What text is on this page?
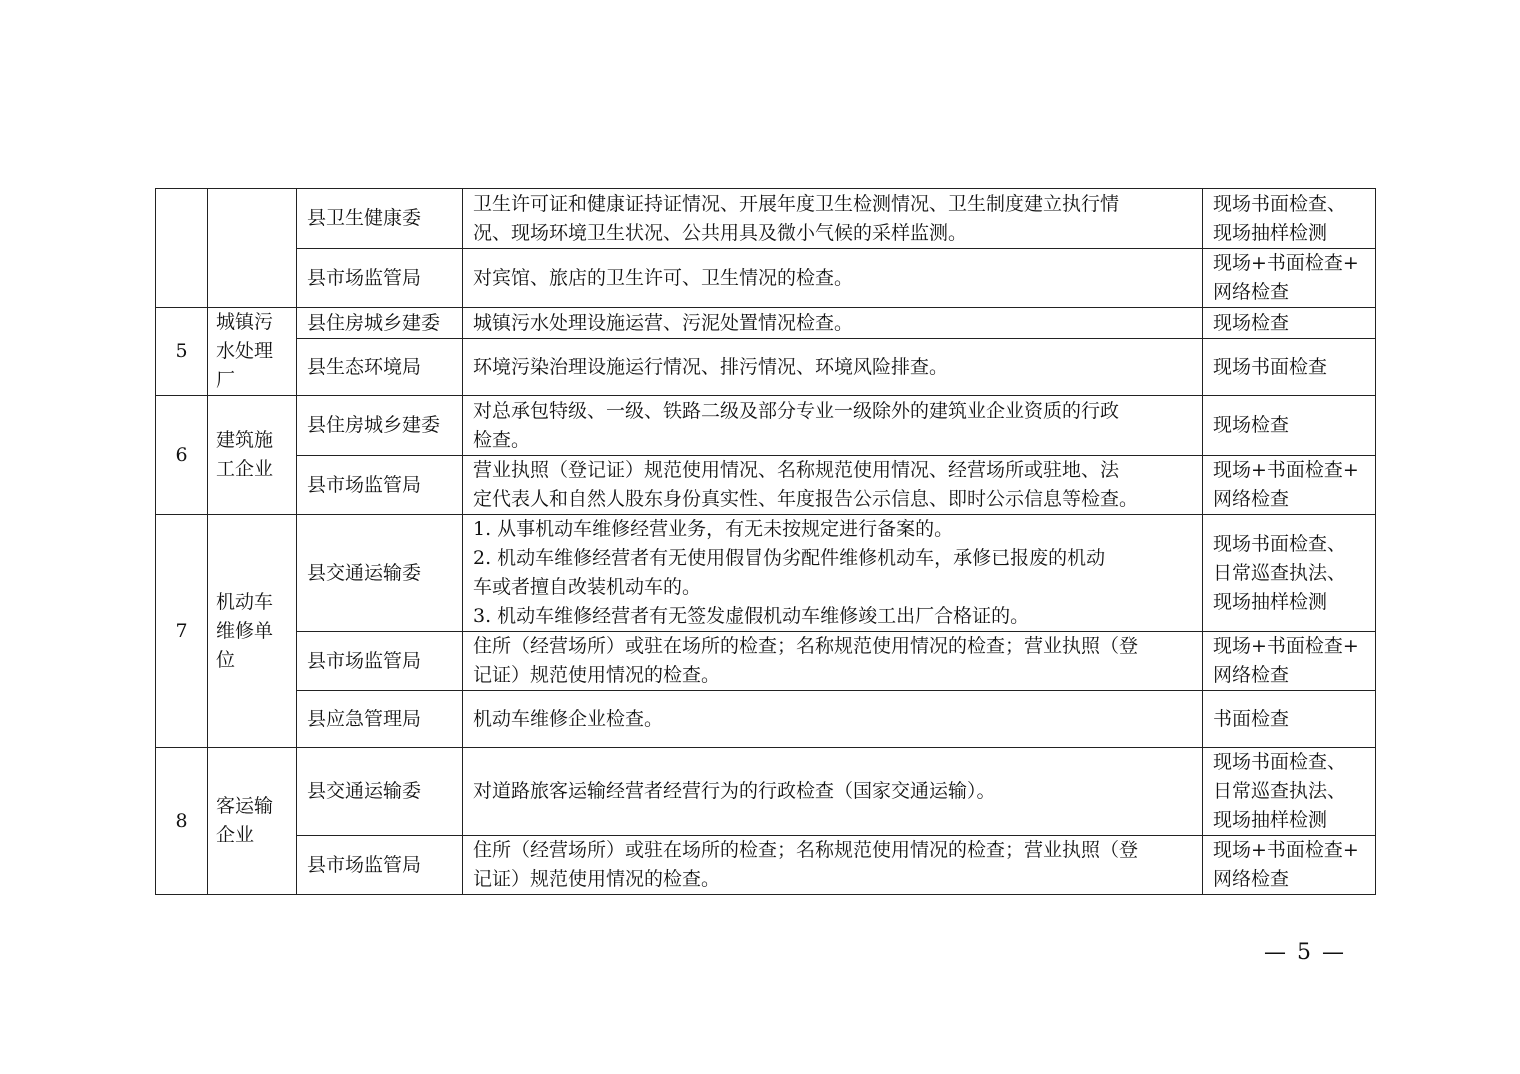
		县卫生健康委	卫生许可证和健康证持证情况、开展年度卫生检测情况、卫生制度建立执行情
况、现场环境卫生状况、公共用具及微小气候的采样监测。	现场书面检查、
现场抽样检测

		县市场监管局	对宾馆、旅店的卫生许可、卫生情况的检查。	现场+书面检查+
网络检查

5	城镇污
水处理
厂	县住房城乡建委	城镇污水处理设施运营、污泥处置情况检查。	现场检查

		县生态环境局	环境污染治理设施运行情况、排污情况、环境风险排查。	现场书面检查

6	建筑施
工企业	县住房城乡建委	对总承包特级、一级、铁路二级及部分专业一级除外的建筑业企业资质的行政
检查。	现场检查

		县市场监管局	营业执照（登记证）规范使用情况、名称规范使用情况、经营场所或驻地、法
定代表人和自然人股东身份真实性、年度报告公示信息、即时公示信息等检查。	现场+书面检查+
网络检查

7	机动车
维修单
位	县交通运输委	1. 从事机动车维修经营业务，有无未按规定进行备案的。
2. 机动车维修经营者有无使用假冒伪劣配件维修机动车，承修已报废的机动
车或者擅自改装机动车的。
3. 机动车维修经营者有无签发虚假机动车维修竣工出厂合格证的。	现场书面检查、
日常巡查执法、
现场抽样检测

		县市场监管局	住所（经营场所）或驻在场所的检查；名称规范使用情况的检查；营业执照（登
记证）规范使用情况的检查。	现场+书面检查+
网络检查

		县应急管理局	机动车维修企业检查。	书面检查

8	客运输
企业	县交通运输委	对道路旅客运输经营者经营行为的行政检查（国家交通运输）。	现场书面检查、
日常巡查执法、
现场抽样检测

		县市场监管局	住所（经营场所）或驻在场所的检查；名称规范使用情况的检查；营业执照（登
记证）规范使用情况的检查。	现场+书面检查+
网络检查
— 5 —
